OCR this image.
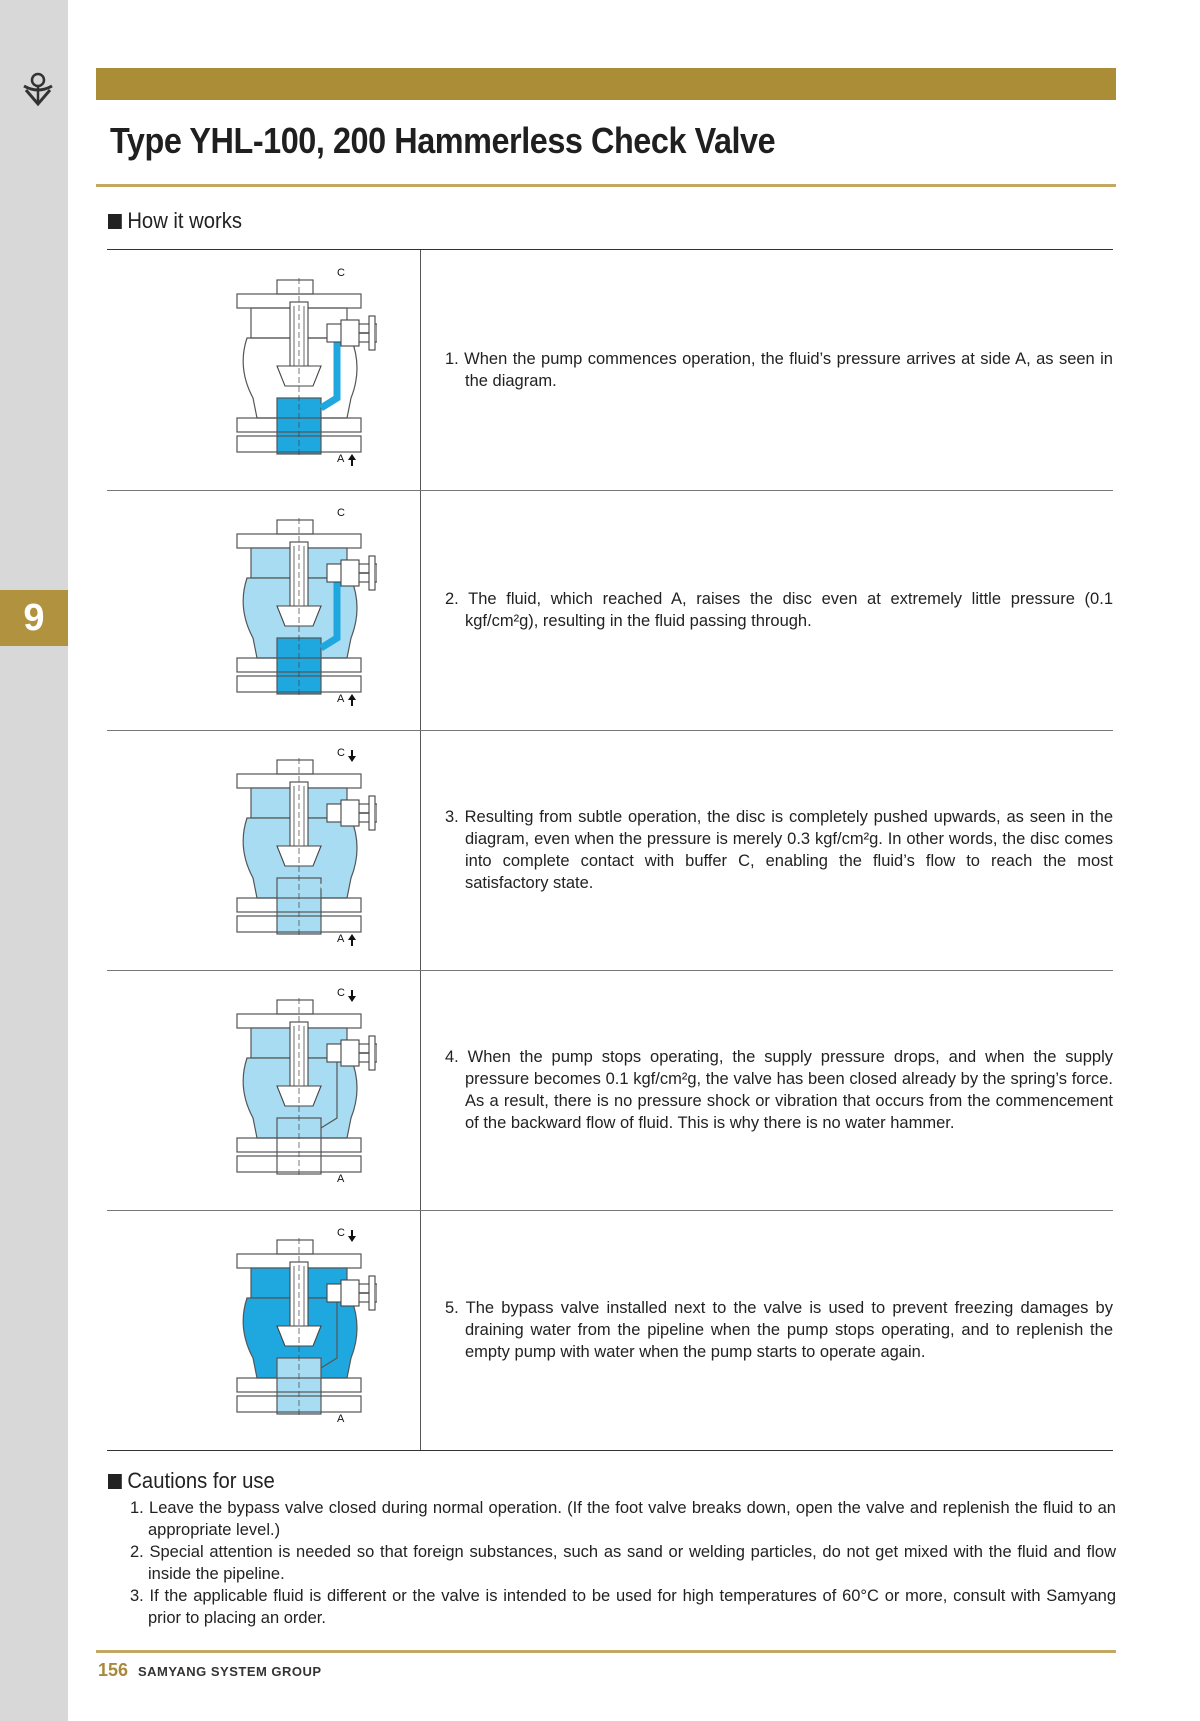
9
Type YHL-100, 200 Hammerless Check Valve
How it works
C
A

1. When the pump commences operation, the fluid’s pressure arrives at side A, as seen in the diagram.

C
A

2. The fluid, which reached A, raises the disc even at extremely little pressure (0.1 kgf/cm²g), resulting in the fluid passing through.

C
A

3. Resulting from subtle operation, the disc is completely pushed upwards, as seen in the diagram, even when the pressure is merely 0.3 kgf/cm²g. In other words, the disc comes into complete contact with buffer C, enabling the fluid’s flow to reach the most satisfactory state.

C
A

4. When the pump stops operating, the supply pressure drops, and when the supply pressure becomes 0.1 kgf/cm²g, the valve has been closed already by the spring’s force. As a result, there is no pressure shock or vibration that occurs from the commencement of the backward flow of fluid. This is why there is no water hammer.

C
A

5. The bypass valve installed next to the valve is used to prevent freezing damages by draining water from the pipeline when the pump stops operating, and to replenish the empty pump with water when the pump starts to operate again.

Cautions for use
1. Leave the bypass valve closed during normal operation. (If the foot valve breaks down, open the valve and replenish the fluid to an appropriate level.)
2. Special attention is needed so that foreign substances, such as sand or welding particles, do not get mixed with the fluid and flow inside the pipeline.
3. If the applicable fluid is different or the valve is intended to be used for high temperatures of 60°C or more, consult with Samyang prior to placing an order.
156 SAMYANG SYSTEM GROUP
